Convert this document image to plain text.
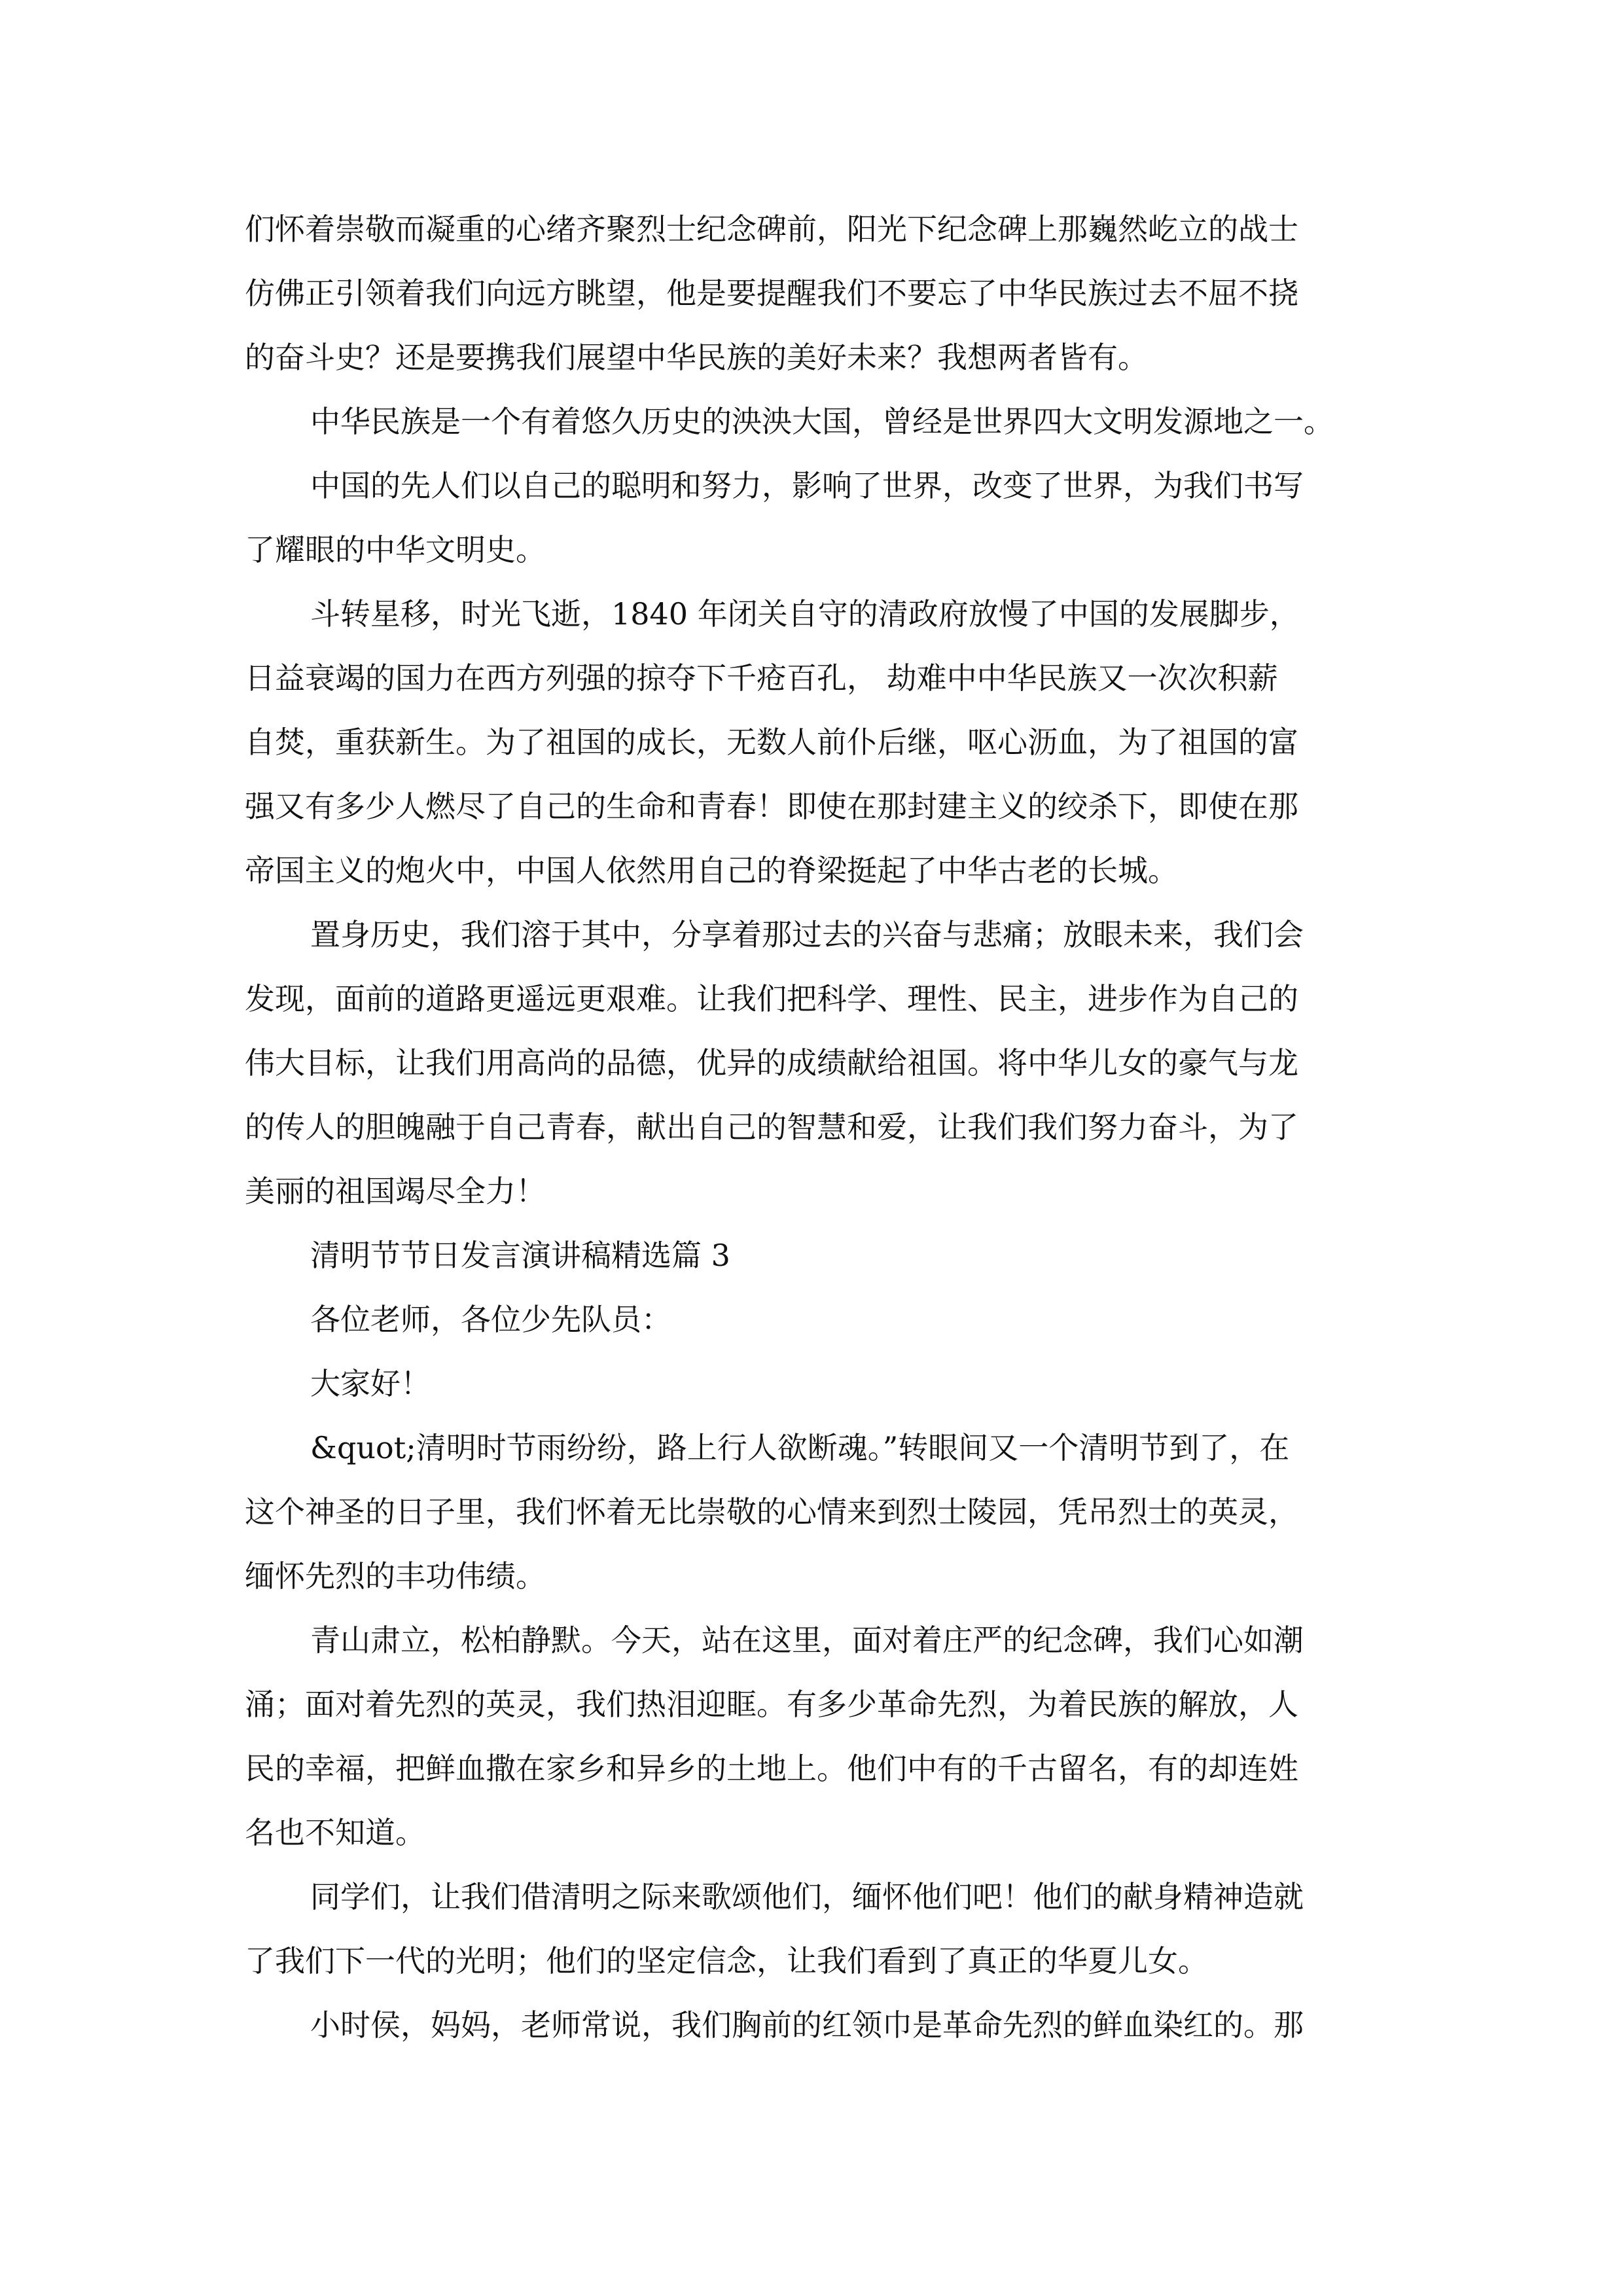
们怀着崇敬而凝重的心绪齐聚烈士纪念碑前，阳光下纪念碑上那巍然屹立的战士
仿佛正引领着我们向远方眺望，他是要提醒我们不要忘了中华民族过去不屈不挠
的奋斗史？还是要携我们展望中华民族的美好未来？我想两者皆有。
中华民族是一个有着悠久历史的泱泱大国，曾经是世界四大文明发源地之一。
中国的先人们以自己的聪明和努力，影响了世界，改变了世界，为我们书写
了耀眼的中华文明史。
斗转星移，时光飞逝，1840 年闭关自守的清政府放慢了中国的发展脚步，
日益衰竭的国力在西方列强的掠夺下千疮百孔， 劫难中中华民族又一次次积薪
自焚，重获新生。为了祖国的成长，无数人前仆后继，呕心沥血，为了祖国的富
强又有多少人燃尽了自己的生命和青春！即使在那封建主义的绞杀下，即使在那
帝国主义的炮火中，中国人依然用自己的脊梁挺起了中华古老的长城。
置身历史，我们溶于其中，分享着那过去的兴奋与悲痛；放眼未来，我们会
发现，面前的道路更遥远更艰难。让我们把科学、理性、民主，进步作为自己的
伟大目标，让我们用高尚的品德，优异的成绩献给祖国。将中华儿女的豪气与龙
的传人的胆魄融于自己青春，献出自己的智慧和爱，让我们我们努力奋斗，为了
美丽的祖国竭尽全力！
清明节节日发言演讲稿精选篇 3
各位老师，各位少先队员：
大家好！
&quot;清明时节雨纷纷，路上行人欲断魂。”转眼间又一个清明节到了，在
这个神圣的日子里，我们怀着无比崇敬的心情来到烈士陵园，凭吊烈士的英灵，
缅怀先烈的丰功伟绩。
青山肃立，松柏静默。今天，站在这里，面对着庄严的纪念碑，我们心如潮
涌；面对着先烈的英灵，我们热泪迎眶。有多少革命先烈，为着民族的解放，人
民的幸福，把鲜血撒在家乡和异乡的土地上。他们中有的千古留名，有的却连姓
名也不知道。
同学们，让我们借清明之际来歌颂他们，缅怀他们吧！他们的献身精神造就
了我们下一代的光明；他们的坚定信念，让我们看到了真正的华夏儿女。
小时侯，妈妈，老师常说，我们胸前的红领巾是革命先烈的鲜血染红的。那
